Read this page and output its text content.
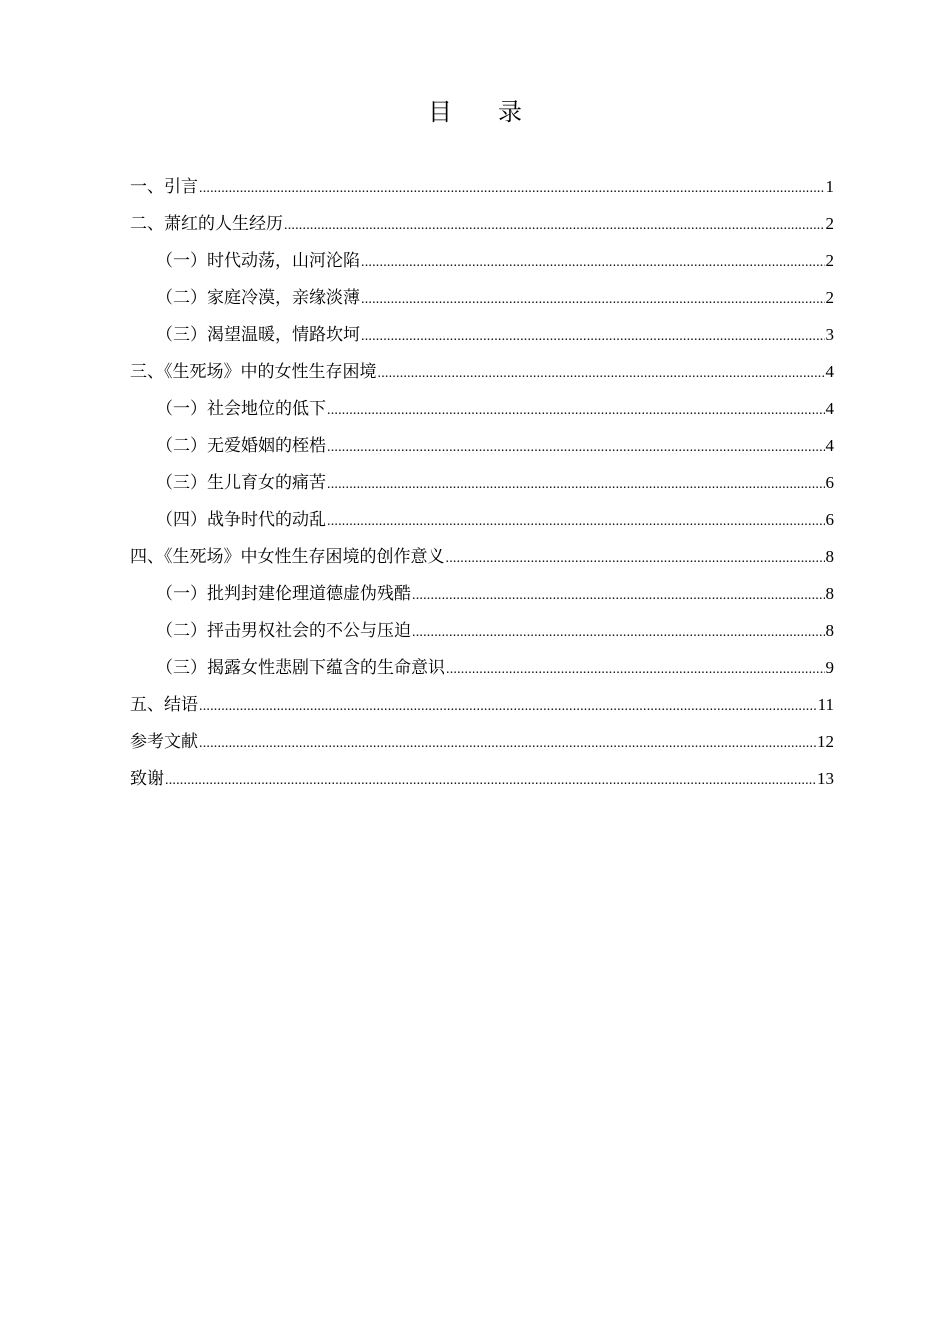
目录
一、引言 .....	1
二、萧红的人生经历 .....	2
（一）时代动荡，山河沦陷 .....	2
（二）家庭冷漠，亲缘淡薄 .....	2
（三）渴望温暖，情路坎坷 .....	3
三、《生死场》中的女性生存困境 .....	4
（一）社会地位的低下 .....	4
（二）无爱婚姻的桎梏 .....	4
（三）生儿育女的痛苦 .....	6
（四）战争时代的动乱 .....	6
四、《生死场》中女性生存困境的创作意义 .....	8
（一）批判封建伦理道德虚伪残酷 .....	8
（二）抨击男权社会的不公与压迫 .....	8
（三）揭露女性悲剧下蕴含的生命意识 .....	9
五、结语 .....	11
参考文献 .....	12
致谢 .....	13
